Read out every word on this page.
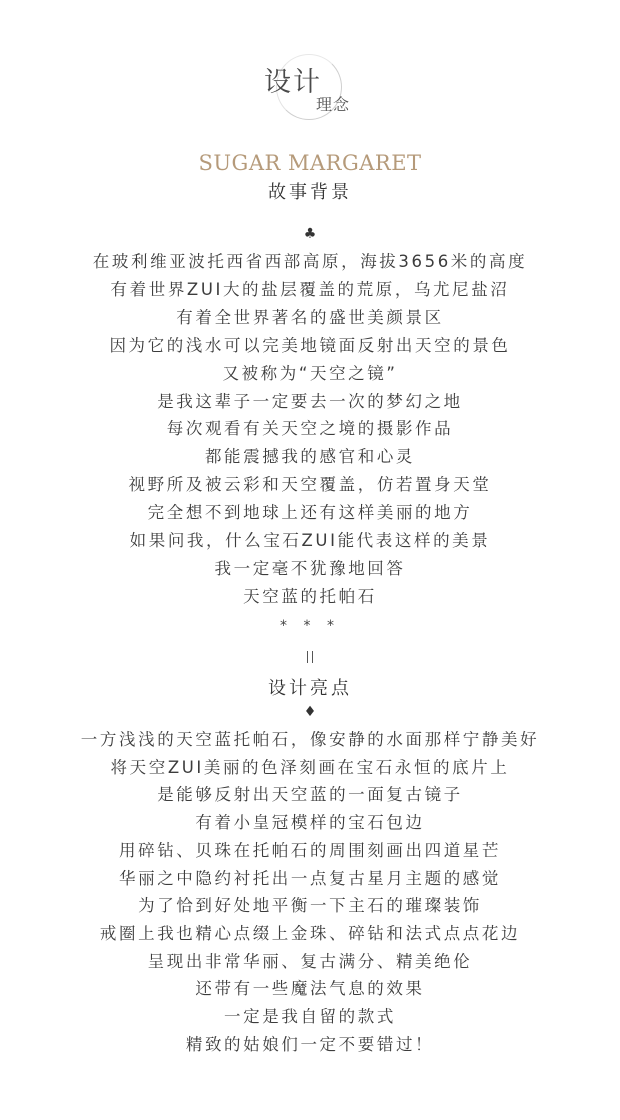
设计
理念
SUGAR MARGARET
故事背景
♣
在玻利维亚波托西省西部高原，海拔3656米的高度
有着世界ZUI大的盐层覆盖的荒原，乌尤尼盐沼
有着全世界著名的盛世美颜景区
因为它的浅水可以完美地镜面反射出天空的景色
又被称为“天空之镜”
是我这辈子一定要去一次的梦幻之地
每次观看有关天空之境的摄影作品
都能震撼我的感官和心灵
视野所及被云彩和天空覆盖，仿若置身天堂
完全想不到地球上还有这样美丽的地方
如果问我，什么宝石ZUI能代表这样的美景
我一定毫不犹豫地回答
天空蓝的托帕石
* * *
设计亮点
♦
一方浅浅的天空蓝托帕石，像安静的水面那样宁静美好
将天空ZUI美丽的色泽刻画在宝石永恒的底片上
是能够反射出天空蓝的一面复古镜子
有着小皇冠模样的宝石包边
用碎钻、贝珠在托帕石的周围刻画出四道星芒
华丽之中隐约衬托出一点复古星月主题的感觉
为了恰到好处地平衡一下主石的璀璨装饰
戒圈上我也精心点缀上金珠、碎钻和法式点点花边
呈现出非常华丽、复古满分、精美绝伦
还带有一些魔法气息的效果
一定是我自留的款式
精致的姑娘们一定不要错过！
